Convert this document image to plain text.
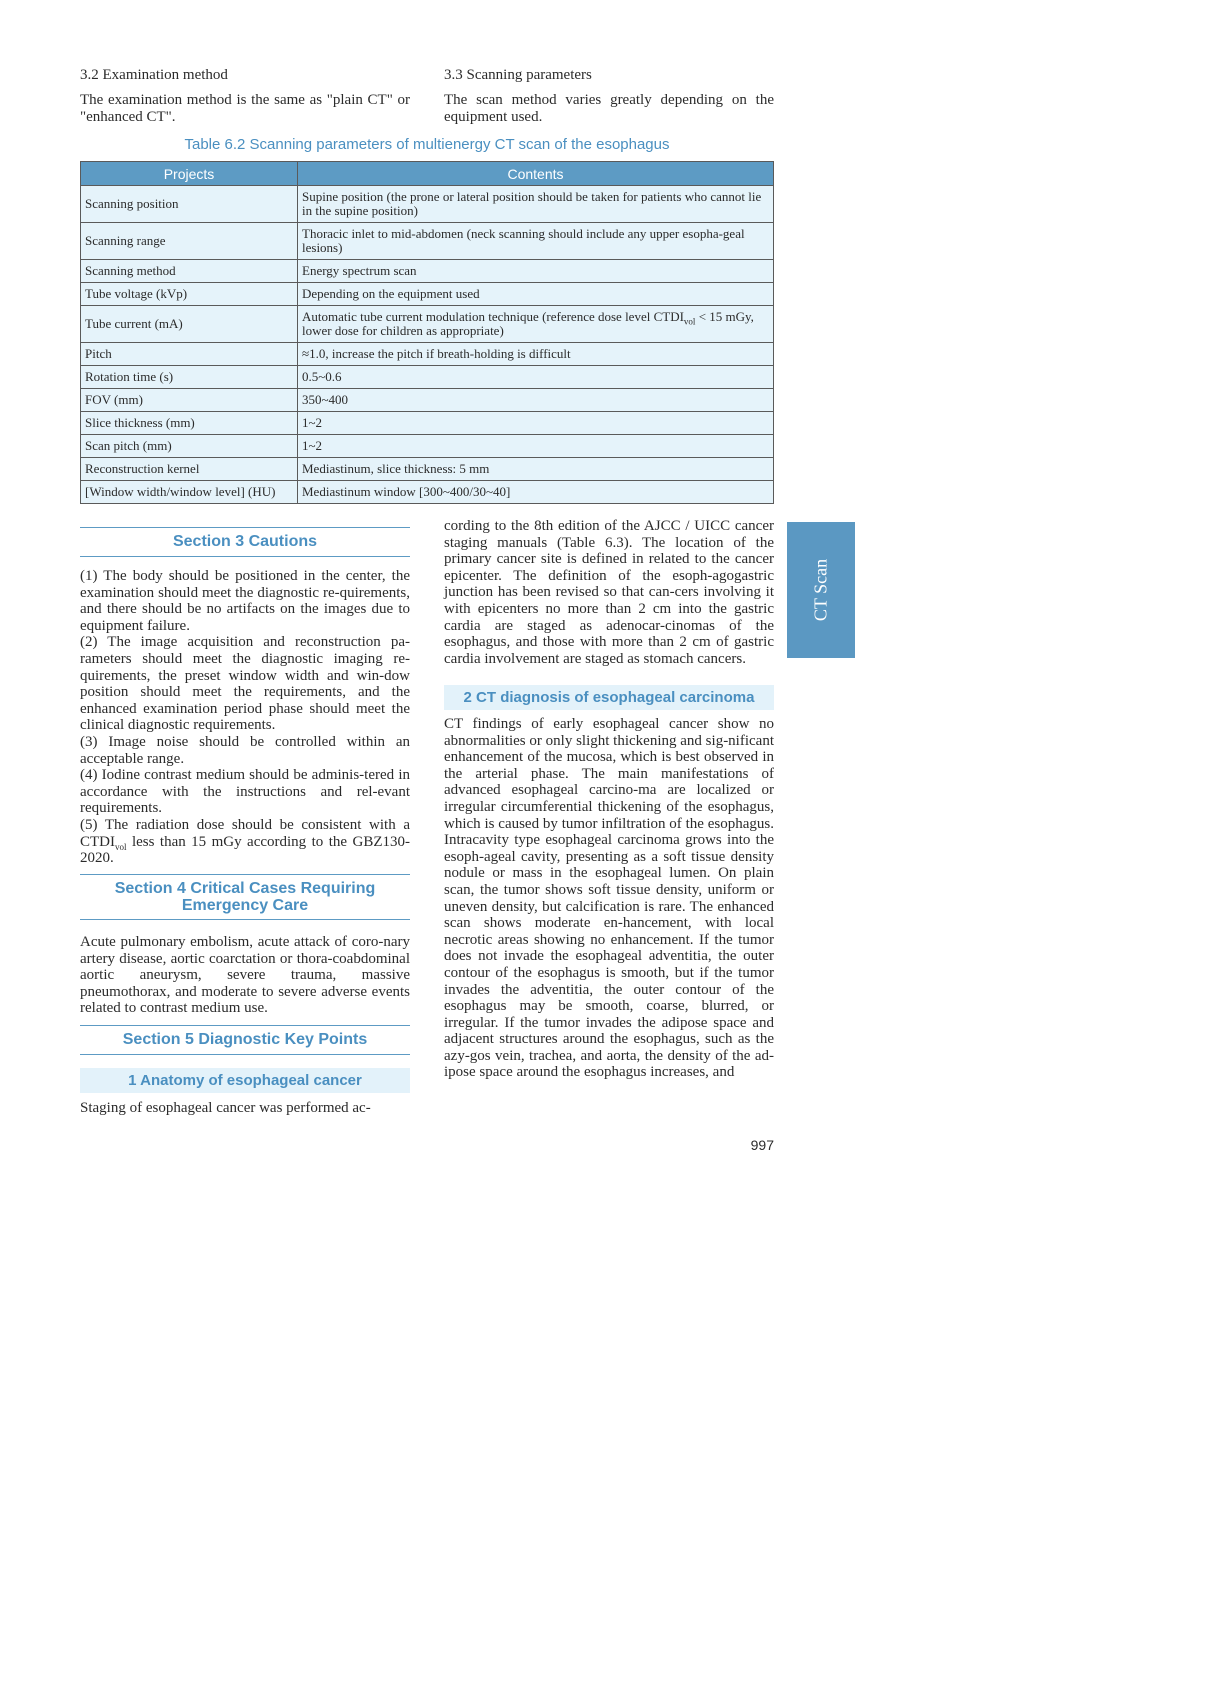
3.2 Examination method
The examination method is the same as "plain CT" or "enhanced CT".
3.3 Scanning parameters
The scan method varies greatly depending on the equipment used.
Table 6.2 Scanning parameters of multienergy CT scan of the esophagus
Projects	Contents
Scanning position	Supine position (the prone or lateral position should be taken for patients who cannot lie in the supine position)
Scanning range	Thoracic inlet to mid-abdomen (neck scanning should include any upper esopha-geal lesions)
Scanning method	Energy spectrum scan
Tube voltage (kVp)	Depending on the equipment used
Tube current (mA)	Automatic tube current modulation technique (reference dose level $CTDI_{vol} < 15$ mGy, lower dose for children as appropriate)
Pitch	≈1.0, increase the pitch if breath-holding is difficult
Rotation time (s)	0.5~0.6
FOV (mm)	350~400
Slice thickness (mm)	1~2
Scan pitch (mm)	1~2
Reconstruction kernel	Mediastinum, slice thickness: 5 mm
[Window width/window level] (HU)	Mediastinum window [300~400/30~40]
Section 3 Cautions

(1) The body should be positioned in the center, the examination should meet the diagnostic re-quirements, and there should be no artifacts on the images due to equipment failure.

(2) The image acquisition and reconstruction pa-rameters should meet the diagnostic imaging re-quirements, the preset window width and win-dow position should meet the requirements, and the enhanced examination period phase should meet the clinical diagnostic requirements.

(3) Image noise should be controlled within an acceptable range.

(4) Iodine contrast medium should be adminis-tered in accordance with the instructions and rel-evant requirements.

(5) The radiation dose should be consistent with a $CTDI_{vol}$ less than 15 mGy according to the GBZ130-2020.

Section 4 Critical Cases Requiring
Emergency Care
Acute pulmonary embolism, acute attack of coro-nary artery disease, aortic coarctation or thora-coabdominal aortic aneurysm, severe trauma, massive pneumothorax, and moderate to severe adverse events related to contrast medium use.
Section 5 Diagnostic Key Points
1 Anatomy of esophageal cancer
Staging of esophageal cancer was performed ac-
cording to the 8th edition of the AJCC / UICC cancer staging manuals (Table 6.3). The location of the primary cancer site is defined in related to the cancer epicenter. The definition of the esoph-agogastric junction has been revised so that can-cers involving it with epicenters no more than 2 cm into the gastric cardia are staged as adenocar-cinomas of the esophagus, and those with more than 2 cm of gastric cardia involvement are staged as stomach cancers.
2 CT diagnosis of esophageal carcinoma
CT findings of early esophageal cancer show no abnormalities or only slight thickening and sig-nificant enhancement of the mucosa, which is best observed in the arterial phase. The main manifestations of advanced esophageal carcino-ma are localized or irregular circumferential thickening of the esophagus, which is caused by tumor infiltration of the esophagus. Intracavity type esophageal carcinoma grows into the esoph-ageal cavity, presenting as a soft tissue density nodule or mass in the esophageal lumen. On plain scan, the tumor shows soft tissue density, uniform or uneven density, but calcification is rare. The enhanced scan shows moderate en-hancement, with local necrotic areas showing no enhancement. If the tumor does not invade the esophageal adventitia, the outer contour of the esophagus is smooth, but if the tumor invades the adventitia, the outer contour of the esophagus may be smooth, coarse, blurred, or irregular. If the tumor invades the adipose space and adjacent structures around the esophagus, such as the azy-gos vein, trachea, and aorta, the density of the ad-ipose space around the esophagus increases, and
CT Scan
997
